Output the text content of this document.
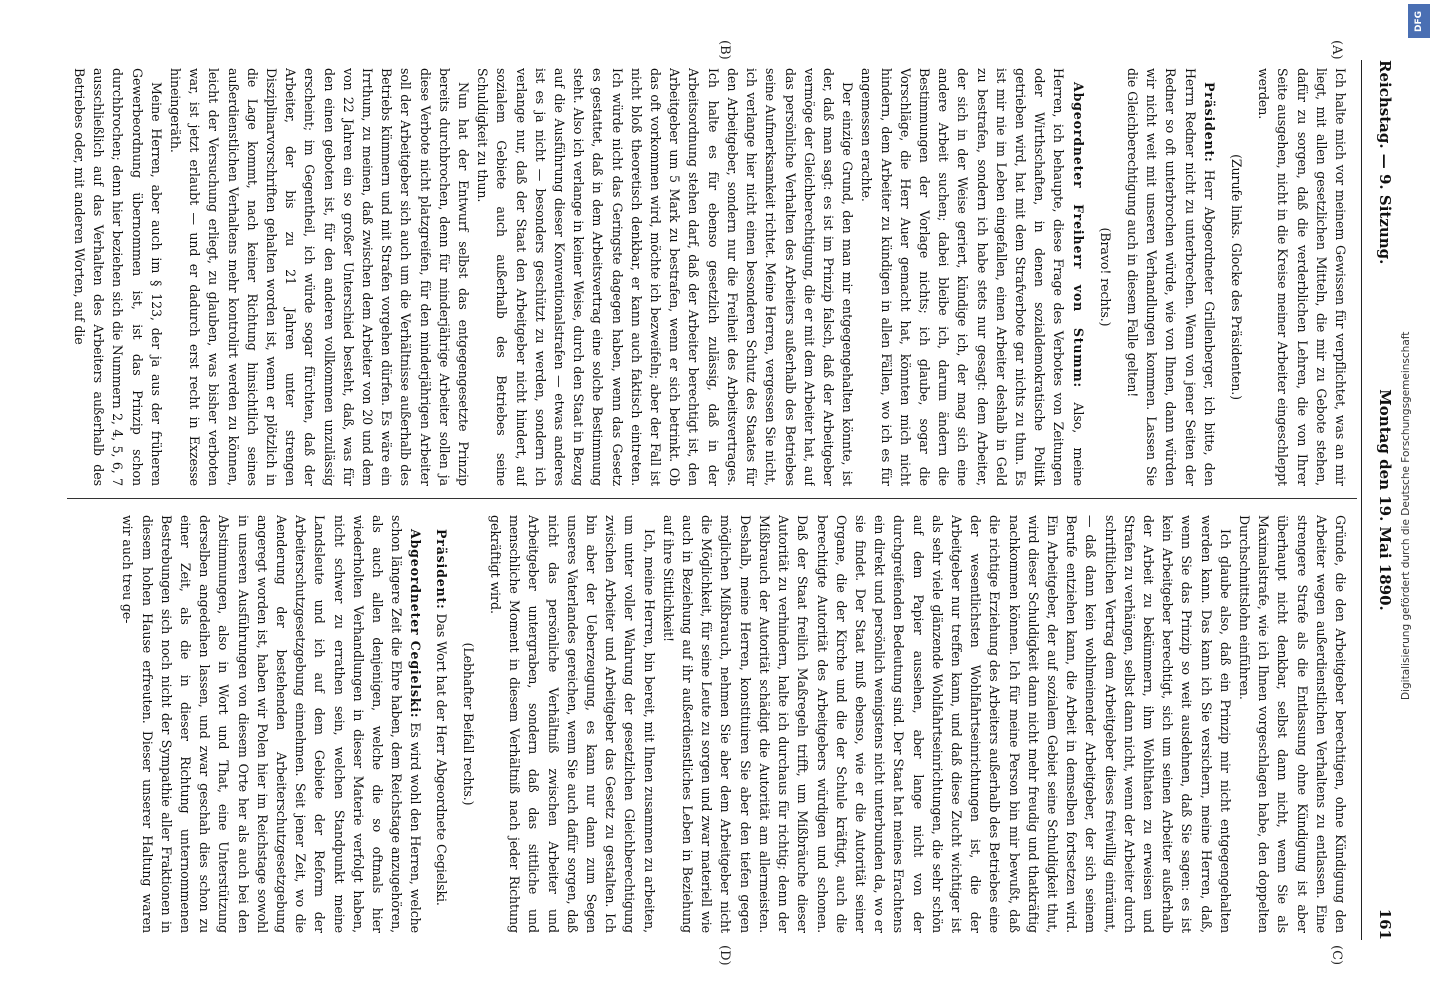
Reichstag. — 9. Sitzung.
Montag den 19. Mai 1890.
161
(A)
(B)
(C)
(D)

Ich halte mich vor meinem Gewissen für verpflichtet, was an mir liegt, mit allen gesetzlichen Mitteln, die mir zu Gebote stehen, dafür zu sorgen, daß die verderblichen Lehren, die von Ihrer Seite ausgehen, nicht in die Kreise meiner Arbeiter eingeschleppt werden.

(Zurufe links. Glocke des Präsidenten.)

Präsident: Herr Abgeordneter Grillenberger, ich bitte, den Herrn Redner nicht zu unterbrechen. Wenn von jener Seiten der Redner so oft unterbrochen würde, wie von Ihnen, dann würden wir nicht weit mit unseren Verhandlungen kommen. Lassen Sie die Gleichberechtigung auch in diesem Falle gelten!

(Bravo! rechts.)

Abgeordneter Freiherr von Stumm: Also, meine Herren, ich behaupte, diese Frage des Verbotes von Zeitungen oder Wirthschaften, in denen sozialdemokratische Politik getrieben wird, hat mit dem Strafverbote gar nichts zu thun. Es ist mir nie im Leben eingefallen, einen Arbeiter deshalb in Geld zu bestrafen, sondern ich habe stets nur gesagt: dem Arbeiter, der sich in der Weise geriert, kündige ich, der mag sich eine andere Arbeit suchen; dabei bleibe ich, darum ändern die Bestimmungen der Vorlage nichts; ich glaube, sogar die Vorschläge, die Herr Auer gemacht hat, könnten mich nicht hindern, dem Arbeiter zu kündigen in allen Fällen, wo ich es für angemessen erachte.

Der einzige Grund, den man mir entgegengehalten könnte, ist der, daß man sagt: es ist im Prinzip falsch, daß der Arbeitgeber vermöge der Gleichberechtigung, die er mit dem Arbeiter hat, auf das persönliche Verhalten des Arbeiters außerhalb des Betriebes seine Aufmerksamkeit richtet. Meine Herren, vergessen Sie nicht, ich verlange hier nicht einen besonderen Schutz des Staates für den Arbeitgeber, sondern nur die Freiheit des Arbeitsvertrages. Ich halte es für ebenso gesetzlich zulässig, daß in der Arbeitsordnung stehen darf, daß der Arbeiter berechtigt ist, den Arbeitgeber um 5 Mark zu bestrafen, wenn er sich betrinkt. Ob das oft vorkommen wird, möchte ich bezweifeln; aber der Fall ist nicht bloß theoretisch denkbar, er kann auch faktisch eintreten. Ich würde nicht das Geringste dagegen haben, wenn das Gesetz es gestattet, daß in dem Arbeitsvertrag eine solche Bestimmung steht. Also ich verlange in keiner Weise, durch den Staat in Bezug auf die Ausführung dieser Konventionalstrafen — etwas anderes ist es ja nicht — besonders geschützt zu werden, sondern ich verlange nur, daß der Staat den Arbeitgeber nicht hindert, auf sozialem Gebiete auch außerhalb des Betriebes seine Schuldigkeit zu thun.

Nun hat der Entwurf selbst das entgegengesetzte Prinzip bereits durchbrochen, denn für minderjährige Arbeiter sollen ja diese Verbote nicht platzgreifen, für den minderjährigen Arbeiter soll der Arbeitgeber sich auch um die Verhältnisse außerhalb des Betriebs kümmern und mit Strafen vorgehen dürfen. Es wäre ein Irrthum, zu meinen, daß zwischen dem Arbeiter von 20 und dem von 22 Jahren ein so großer Unterschied besteht, daß, was für den einen geboten ist, für den anderen vollkommen unzulässig erscheint; im Gegentheil, ich würde sogar fürchten, daß der Arbeiter, der bis zu 21 Jahren unter strengen Disziplinarvorschriften gehalten worden ist, wenn er plötzlich in die Lage kommt, nach keiner Richtung hinsichtlich seines außerdienstlichen Verhaltens mehr kontrolirt werden zu können, leicht der Versuchung erliegt, zu glauben, was bisher verboten war, ist jetzt erlaubt — und er dadurch erst recht in Exzesse hineingeräth.

Meine Herren, aber auch im § 123, der ja aus der früheren Gewerbeordnung übernommen ist, ist das Prinzip schon durchbrochen; denn hier beziehen sich die Nummern 2, 4, 5, 6, 7 ausschließlich auf das Verhalten des Arbeiters außerhalb des Betriebes oder, mit anderen Worten, auf die

Gründe, die den Arbeitgeber berechtigen, ohne Kündigung den Arbeiter wegen außerdienstlichen Verhaltens zu entlassen. Eine strengere Strafe als die Entlassung ohne Kündigung ist aber überhaupt nicht denkbar, selbst dann nicht, wenn Sie als Maximalstrafe, wie ich Ihnen vorgeschlagen habe, den doppelten Durchschnittslohn einführen.

Ich glaube also, daß ein Prinzip mir nicht entgegengehalten werden kann. Das kann ich Sie versichern, meine Herren, daß, wenn Sie das Prinzip so weit ausdehnen, daß Sie sagen: es ist kein Arbeitgeber berechtigt, sich um seinen Arbeiter außerhalb der Arbeit zu bekümmern, ihm Wohlthaten zu erweisen und Strafen zu verhängen, selbst dann nicht, wenn der Arbeiter durch schriftlichen Vertrag dem Arbeitgeber dieses freiwillig einräumt, — daß dann kein wohlmeinender Arbeitgeber, der sich seinem Berufe entziehen kann, die Arbeit in demselben fortsetzen wird. Ein Arbeitgeber, der auf sozialem Gebiet seine Schuldigkeit thut, wird dieser Schuldigkeit dann nicht mehr freudig und thatkräftig nachkommen können. Ich für meine Person bin mir bewußt, daß die richtige Erziehung des Arbeiters außerhalb des Betriebes eine der wesentlichsten Wohlfahrtseinrichtungen ist, die der Arbeitgeber nur treffen kann, und daß diese Zucht wichtiger ist als sehr viele glänzende Wohlfahrtseinrichtungen, die sehr schön auf dem Papier aussehen, aber lange nicht von der durchgreifenden Bedeutung sind. Der Staat hat meines Erachtens ein direkt und persönlich wenigstens nicht unterbunden da, wo er sie findet. Der Staat muß ebenso, wie er die Autorität seiner Organe, die der Kirche und die der Schule kräftigt, auch die berechtigte Autorität des Arbeitgebers würdigen und schonen. Daß der Staat freilich Maßregeln trifft, um Mißbräuche dieser Autorität zu verhindern, halte ich durchaus für richtig; denn der Mißbrauch der Autorität schädigt die Autorität am allermeisten. Deshalb, meine Herren, konstituiren Sie aber den tiefen gegen möglichen Mißbrauch, nehmen Sie aber dem Arbeitgeber nicht die Möglichkeit, für seine Leute zu sorgen und zwar materiell wie auch in Beziehung auf ihr außerdienstliches Leben in Beziehung auf ihre Sittlichkeit!

Ich, meine Herren, bin bereit, mit Ihnen zusammen zu arbeiten, um unter voller Wahrung der gesetzlichen Gleichberechtigung zwischen Arbeiter und Arbeitgeber das Gesetz zu gestalten. Ich bin aber der Ueberzeugung, es kann nur dann zum Segen unseres Vaterlandes gereichen, wenn Sie auch dafür sorgen, daß nicht das persönliche Verhältniß zwischen Arbeiter und Arbeitgeber untergraben, sondern daß das sittliche und menschliche Moment in diesem Verhältniß nach jeder Richtung gekräftigt wird.

(Lebhafter Beifall rechts.)

Präsident: Das Wort hat der Herr Abgeordnete Cegielski.

Abgeordneter Cegielski: Es wird wohl den Herren, welche schon längere Zeit die Ehre haben, dem Reichstage anzugehören, als auch allen denjenigen, welche die so oftmals hier wiederholten Verhandlungen in dieser Materie verfolgt haben, nicht schwer zu errathen sein, welchen Standpunkt meine Landsleute und ich auf dem Gebiete der Reform der Arbeiterschutzgesetzgebung einnehmen. Seit jener Zeit, wo die Aenderung der bestehenden Arbeiterschutzgesetzgebung angeregt worden ist, haben wir Polen hier im Reichstage sowohl in unseren Ausführungen von diesem Orte her als auch bei den Abstimmungen, also in Wort und That, eine Unterstützung derselben angedeihen lassen, und zwar geschah dies schon zu einer Zeit, als die in dieser Richtung unternommenen Bestrebungen sich noch nicht der Sympathie aller Fraktionen in diesem hohen Hause erfreuten. Dieser unserer Haltung waren wir auch treu ge-

DFG
Digitalisierung gefördert durch die Deutsche Forschungsgemeinschaft
